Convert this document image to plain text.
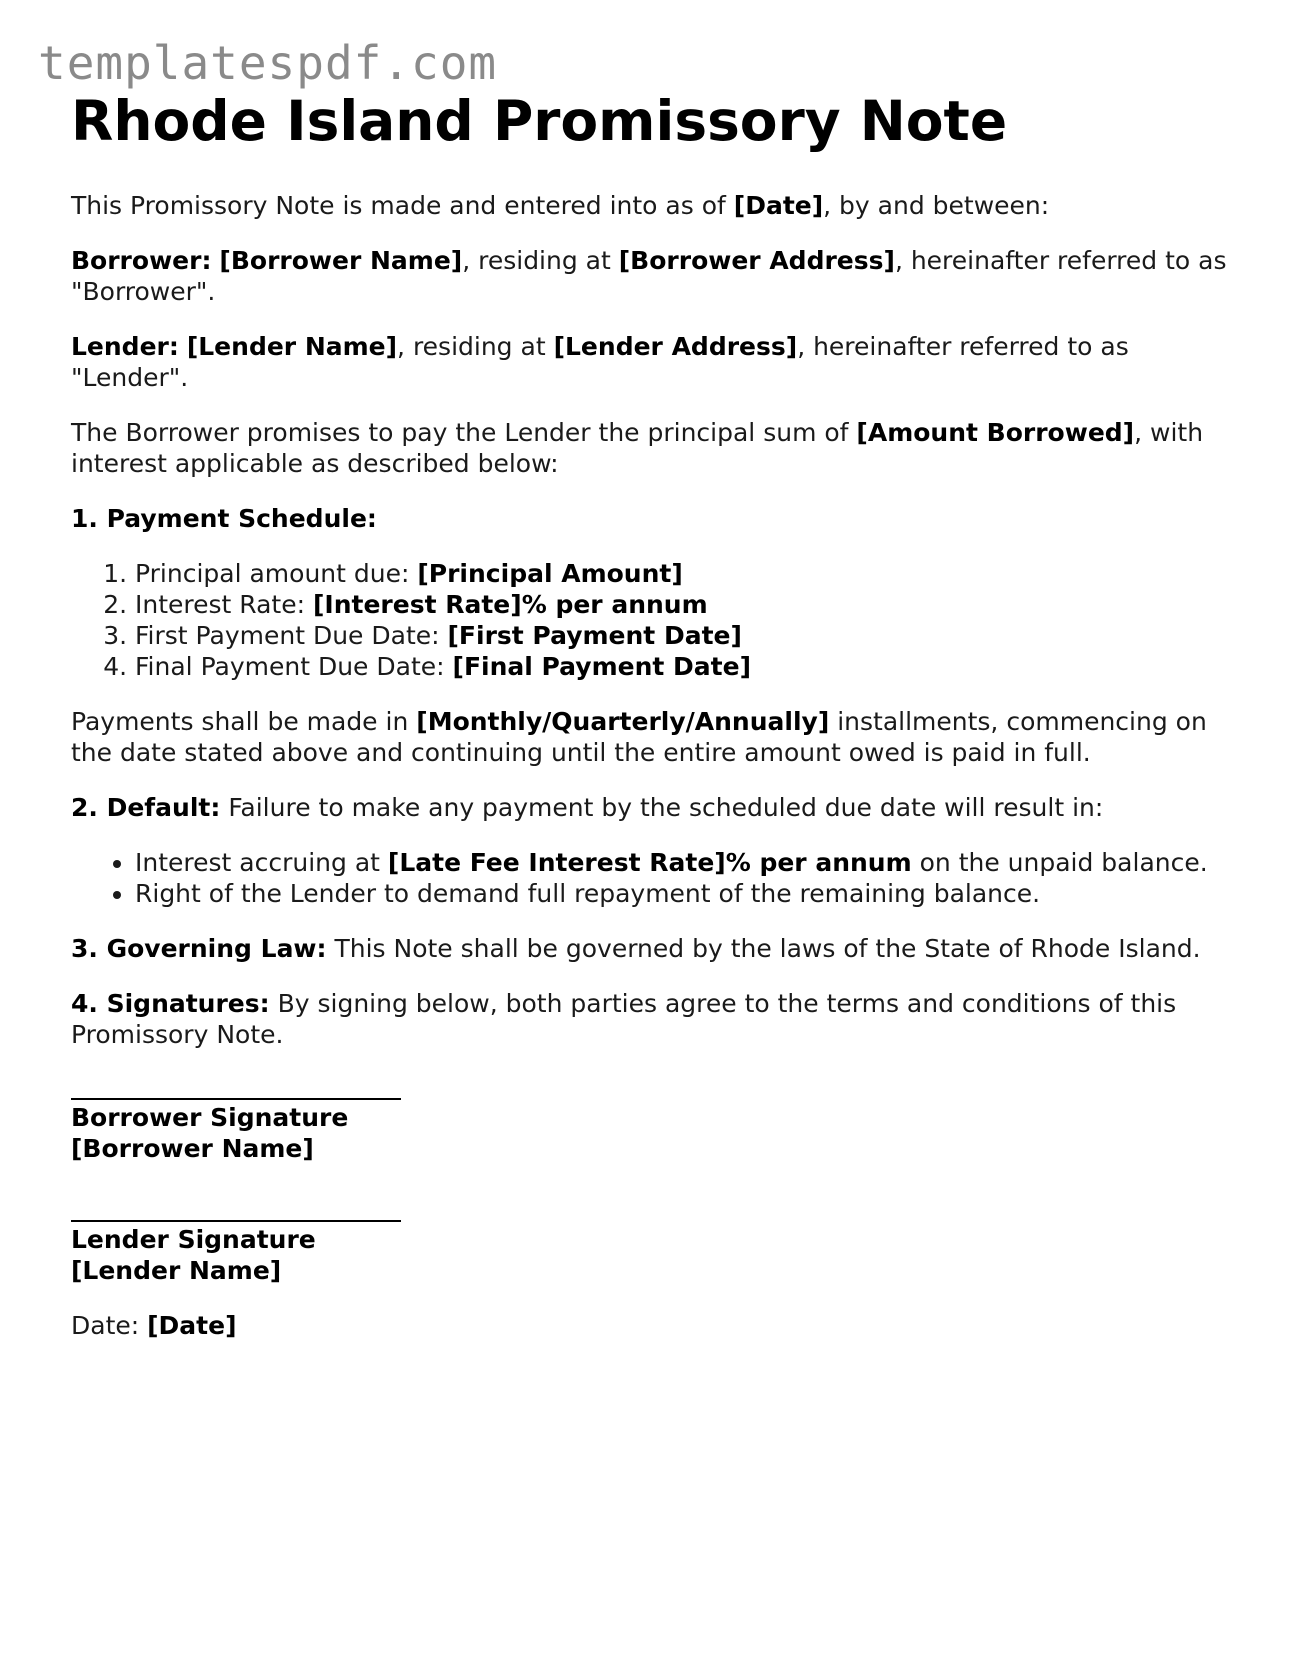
templatespdf.com
Rhode Island Promissory Note

This Promissory Note is made and entered into as of [Date], by and between:

Borrower: [Borrower Name], residing at [Borrower Address], hereinafter referred to as "Borrower".

Lender: [Lender Name], residing at [Lender Address], hereinafter referred to as "Lender".

The Borrower promises to pay the Lender the principal sum of [Amount Borrowed], with interest applicable as described below:

1. Payment Schedule:

1. Principal amount due: [Principal Amount]
2. Interest Rate: [Interest Rate]% per annum
3. First Payment Due Date: [First Payment Date]
4. Final Payment Due Date: [Final Payment Date]

Payments shall be made in [Monthly/Quarterly/Annually] installments, commencing on the date stated above and continuing until the entire amount owed is paid in full.

2. Default: Failure to make any payment by the scheduled due date will result in:

• Interest accruing at [Late Fee Interest Rate]% per annum on the unpaid balance.
• Right of the Lender to demand full repayment of the remaining balance.

3. Governing Law: This Note shall be governed by the laws of the State of Rhode Island.

4. Signatures: By signing below, both parties agree to the terms and conditions of this Promissory Note.

Borrower Signature
[Borrower Name]
Lender Signature
[Lender Name]

Date: [Date]
